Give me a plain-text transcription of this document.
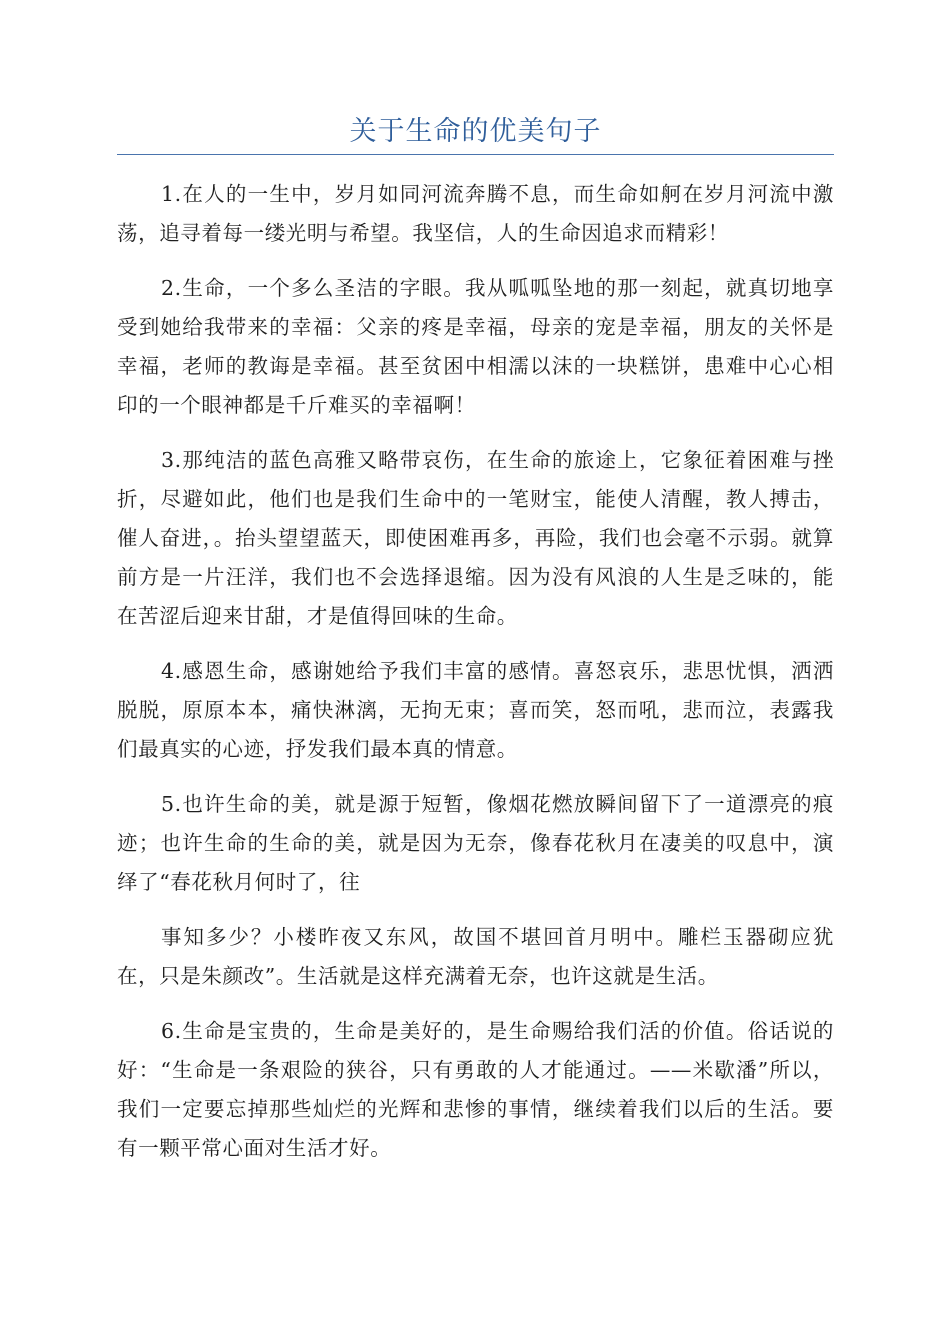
关于生命的优美句子

1.在人的一生中，岁月如同河流奔腾不息，而生命如舸在岁月河流中激荡，追寻着每一缕光明与希望。我坚信，人的生命因追求而精彩！

2.生命，一个多么圣洁的字眼。我从呱呱坠地的那一刻起，就真切地享受到她给我带来的幸福：父亲的疼是幸福，母亲的宠是幸福，朋友的关怀是幸福，老师的教诲是幸福。甚至贫困中相濡以沫的一块糕饼，患难中心心相印的一个眼神都是千斤难买的幸福啊！

3.那纯洁的蓝色高雅又略带哀伤，在生命的旅途上，它象征着困难与挫折，尽避如此，他们也是我们生命中的一笔财宝，能使人清醒，教人搏击，催人奋进，。抬头望望蓝天，即使困难再多，再险，我们也会毫不示弱。就算前方是一片汪洋，我们也不会选择退缩。因为没有风浪的人生是乏味的，能在苦涩后迎来甘甜，才是值得回味的生命。

4.感恩生命，感谢她给予我们丰富的感情。喜怒哀乐，悲思忧惧，洒洒脱脱，原原本本，痛快淋漓，无拘无束；喜而笑，怒而吼，悲而泣，表露我们最真实的心迹，抒发我们最本真的情意。

5.也许生命的美，就是源于短暂，像烟花燃放瞬间留下了一道漂亮的痕迹；也许生命的生命的美，就是因为无奈，像春花秋月在凄美的叹息中，演绎了“春花秋月何时了，往

事知多少？小楼昨夜又东风，故国不堪回首月明中。雕栏玉器砌应犹在，只是朱颜改”。生活就是这样充满着无奈，也许这就是生活。

6.生命是宝贵的，生命是美好的，是生命赐给我们活的价值。俗话说的好：“生命是一条艰险的狭谷，只有勇敢的人才能通过。——米歇潘”所以，我们一定要忘掉那些灿烂的光辉和悲惨的事情，继续着我们以后的生活。要有一颗平常心面对生活才好。
